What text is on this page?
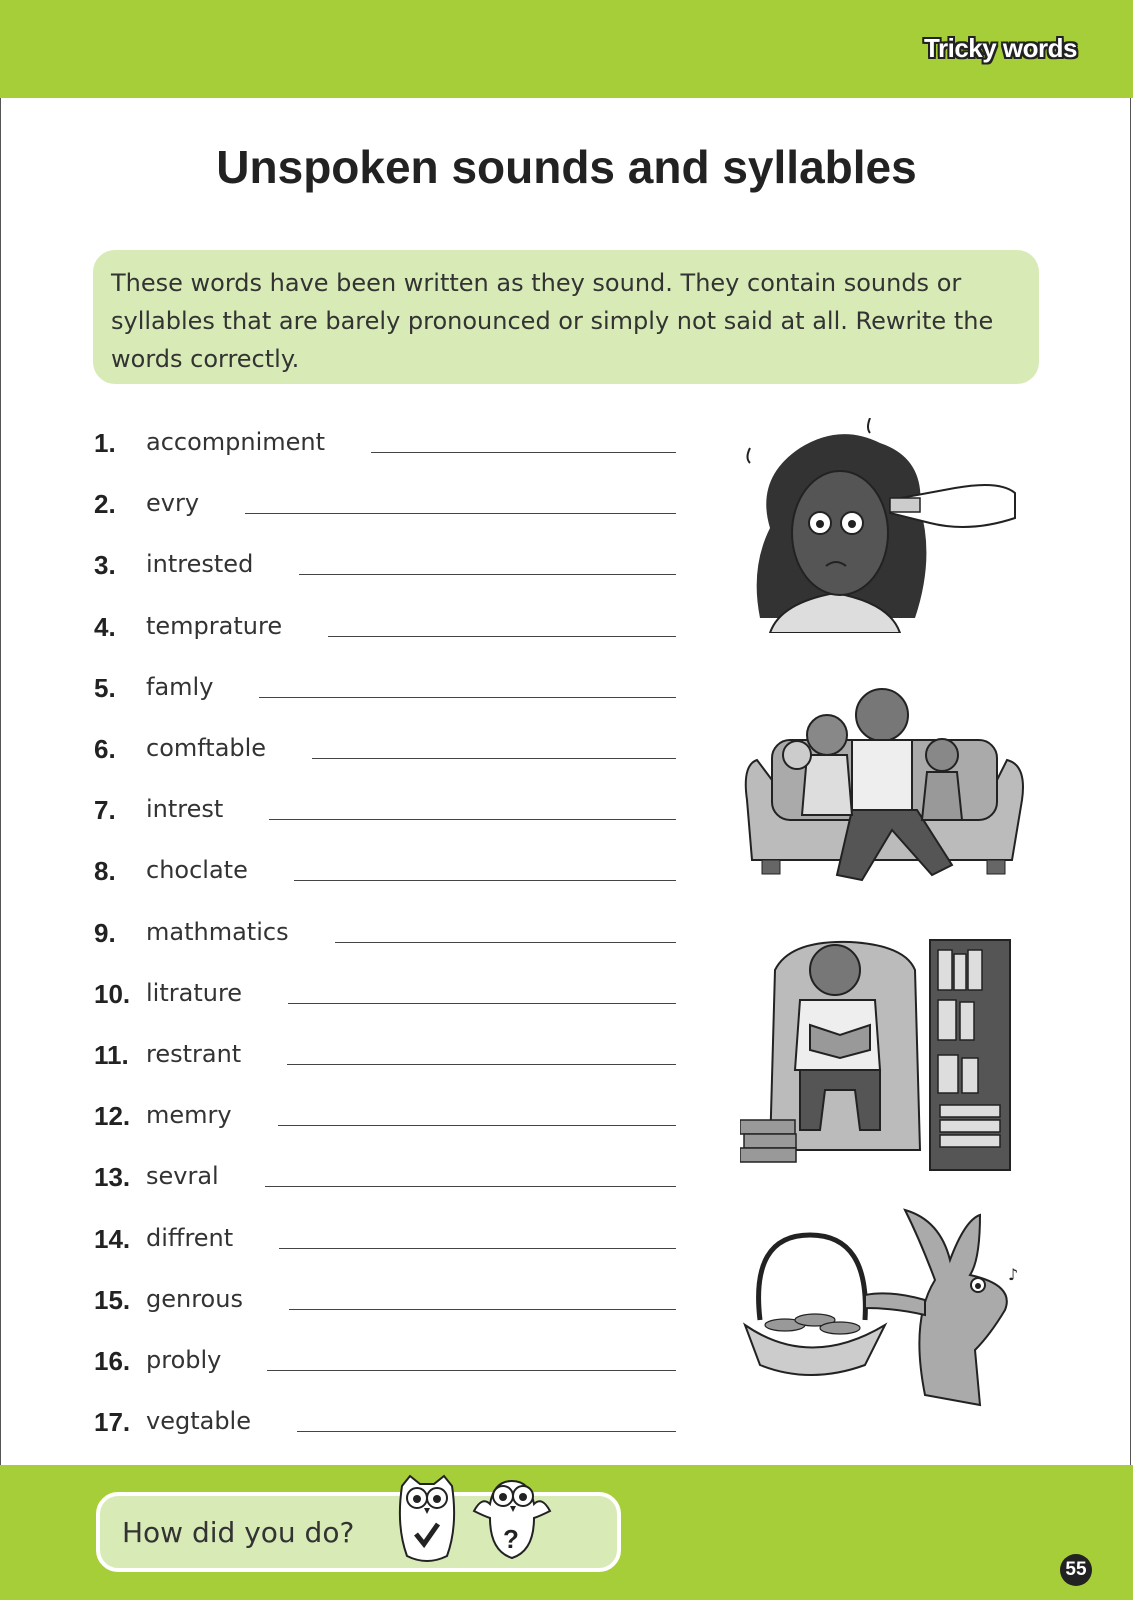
Tricky words
Unspoken sounds and syllables
These words have been written as they sound. They contain sounds or syllables that are barely pronounced or simply not said at all. Rewrite the words correctly.
1. accompniment
2. evry
3. intrested
4. temprature
5. famly
6. comftable
7. intrest
8. choclate
9. mathmatics
10. litrature
11. restrant
12. memry
13. sevral
14. diffrent
15. genrous
16. probly
17. vegtable
♪
How did you do?	?
55
